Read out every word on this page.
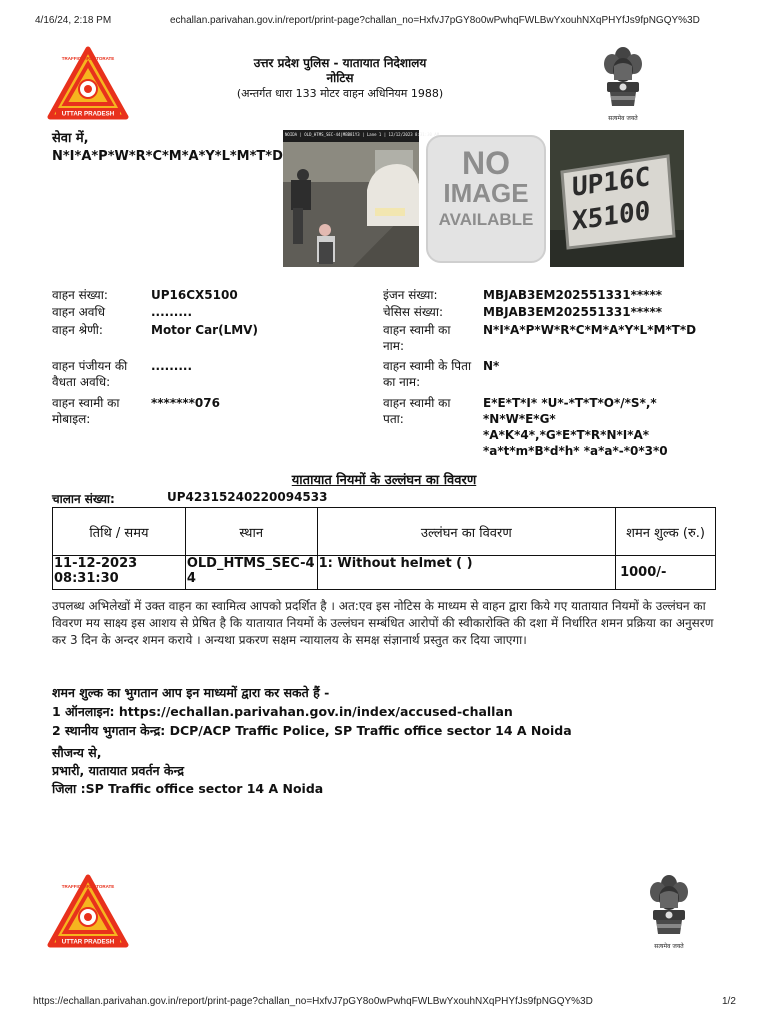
4/16/24, 2:18 PM	echallan.parivahan.gov.in/report/print-page?challan_no=HxfvJ7pGY8o0wPwhqFWLBwYxouhNXqPHYfJs9fpNGQY%3D
UTTAR PRADESH
TRAFFIC DIRECTORATE
सत्यमेव जयते
उत्तर प्रदेश पुलिस - यातायात निदेशालय
नोटिस
(अन्तर्गत धारा 133 मोटर वाहन अधिनियम 1988)
सेवा में,
N*I*A*P*W*R*C*M*A*Y*L*M*T*D
NOIDA | OLD_HTMS_SEC-44|MBB81Y3 | Lane 1 | 12/12/2023 8:31:30 AM
NO
IMAGE
AVAILABLE
UP16C
X5100
वाहन संख्या:	UP16CX5100
वाहन अवधि	.........
वाहन श्रेणी:	Motor Car(LMV)
वाहन पंजीयन की वैधता अवधि:
.........
वाहन स्वामी का मोबाइल:
*******076
इंजन संख्या:	MBJAB3EM202551331*****
चेसिस संख्या:	MBJAB3EM202551331*****
वाहन स्वामी का नाम:
N*I*A*P*W*R*C*M*A*Y*L*M*T*D
वाहन स्वामी के पिता का नाम:
N*
वाहन स्वामी का पता:
E*E*T*I* *U*-*T*T*O*/*S*,* *N*W*E*G* *A*K*4*,*G*E*T*R*N*I*A* *a*t*m*B*d*h* *a*a*-*0*3*0
यातायात नियमों के उल्लंघन का विवरण
चालान संख्या:	UP42315240220094533
तिथि / समय	स्थान	उल्लंघन का विवरण	शमन शुल्क (रु.)
11-12-2023 08:31:30	OLD_HTMS_SEC-44	1: Without helmet ( )	1000/-
उपलब्ध अभिलेखों में उक्त वाहन का स्वामित्व आपको प्रदर्शित है । अत:एव इस नोटिस के माध्यम से वाहन द्वारा किये गए यातायात नियमों के उल्लंघन का विवरण मय साक्ष्य इस आशय से प्रेषित है कि यातायात नियमों के उल्लंघन सम्बंधित आरोपों की स्वीकारोक्ति की दशा में निर्धारित शमन प्रक्रिया का अनुसरण कर 3 दिन के अन्दर शमन कराये । अन्यथा प्रकरण सक्षम न्यायालय के समक्ष संज्ञानार्थ प्रस्तुत कर दिया जाएगा।
शमन शुल्क का भुगतान आप इन माध्यमों द्वारा कर सकते हैं -
1 ऑनलाइन: https://echallan.parivahan.gov.in/index/accused-challan
2 स्थानीय भुगतान केन्द्र: DCP/ACP Traffic Police, SP Traffic office sector 14 A Noida
सौजन्य से,
प्रभारी, यातायात प्रवर्तन केन्द्र
जिला :SP Traffic office sector 14 A Noida
UTTAR PRADESH
TRAFFIC DIRECTORATE
सत्यमेव जयते
https://echallan.parivahan.gov.in/report/print-page?challan_no=HxfvJ7pGY8o0wPwhqFWLBwYxouhNXqPHYfJs9fpNGQY%3D	1/2
